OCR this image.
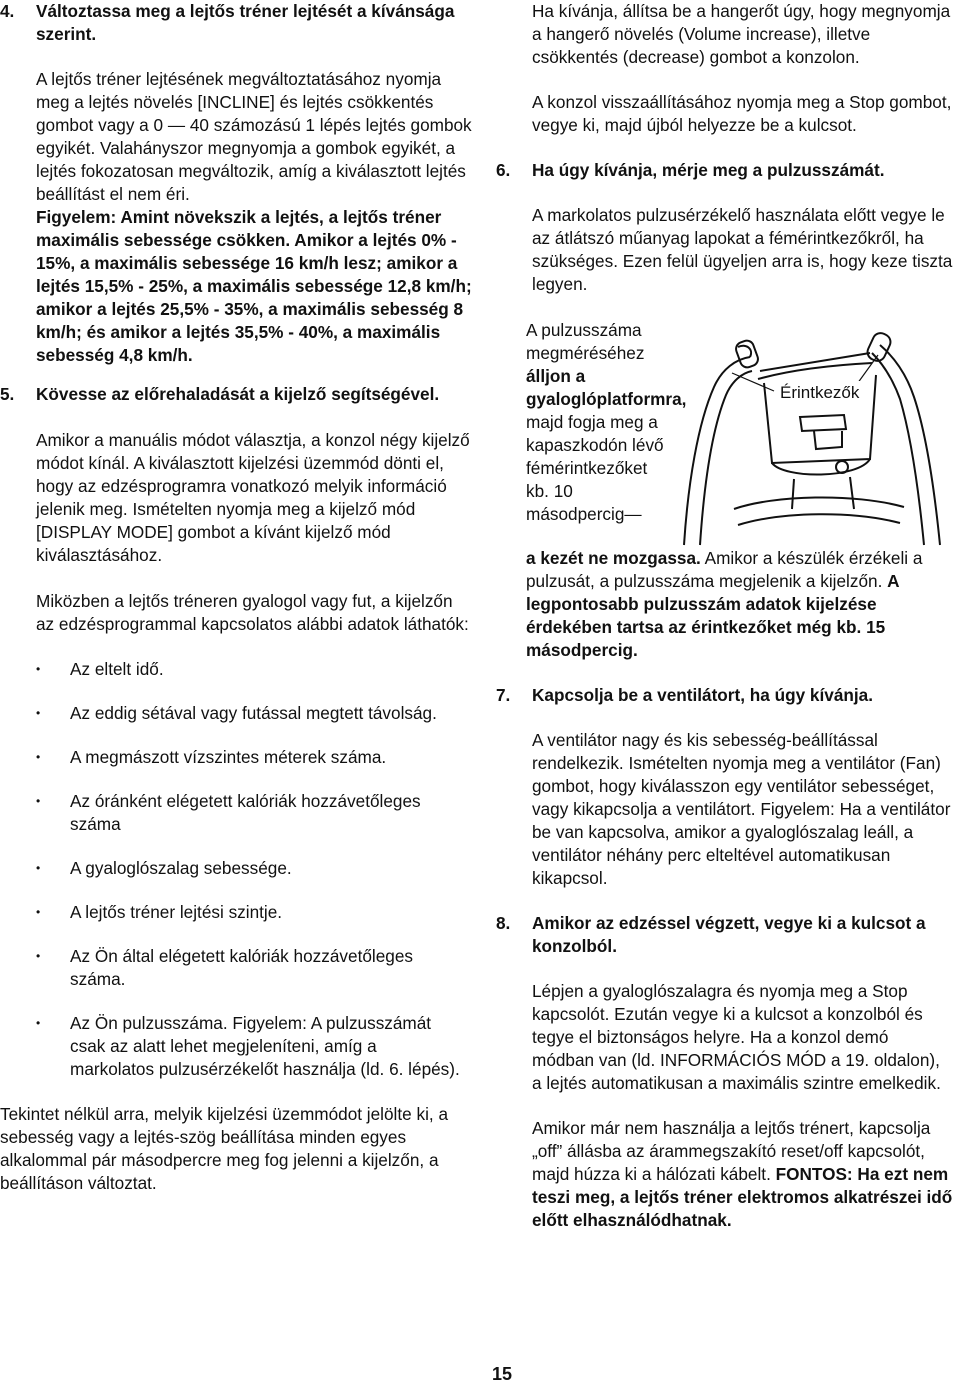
4. Változtassa meg a lejtős tréner lejtését a kívánsága szerint.

A lejtős tréner lejtésének megváltoztatásához nyomja meg a lejtés növelés [INCLINE] és lejtés csökkentés gombot vagy a 0 — 40 számozású 1 lépés lejtés gombok egyikét. Valahányszor megnyomja a gombok egyikét, a lejtés fokozatosan megváltozik, amíg a kiválasztott lejtés beállítást el nem éri.

Figyelem: Amint növekszik a lejtés, a lejtős tréner maximális sebessége csökken. Amikor a lejtés 0% - 15%, a maximális sebessége 16 km/h lesz; amikor a lejtés 15,5% - 25%, a maximális sebessége 12,8 km/h; amikor a lejtés 25,5% - 35%, a maximális sebesség 8 km/h; és amikor a lejtés 35,5% - 40%, a maximális sebesség 4,8 km/h.

5. Kövesse az előrehaladását a kijelző segítségével.

Amikor a manuális módot választja, a konzol négy kijelző módot kínál. A kiválasztott kijelzési üzemmód dönti el, hogy az edzésprogramra vonatkozó melyik információ jelenik meg. Ismételten nyomja meg a kijelző mód [DISPLAY MODE] gombot a kívánt kijelző mód kiválasztásához.

Miközben a lejtős tréneren gyalogol vagy fut, a kijelzőn az edzésprogrammal kapcsolatos alábbi adatok láthatók:

• Az eltelt idő.
• Az eddig sétával vagy futással megtett távolság.
• A megmászott vízszintes méterek száma.
• Az óránként elégetett kalóriák hozzávetőleges száma
• A gyaloglószalag sebessége.
• A lejtős tréner lejtési szintje.
• Az Ön által elégetett kalóriák hozzávetőleges száma.
• Az Ön pulzusszáma. Figyelem: A pulzusszámát csak az alatt lehet megjeleníteni, amíg a markolatos pulzusérzékelőt használja (ld. 6. lépés).

Tekintet nélkül arra, melyik kijelzési üzemmódot jelölte ki, a sebesség vagy a lejtés-szög beállítása minden egyes alkalommal pár másodpercre meg fog jelenni a kijelzőn, a beállításon változtat.

Ha kívánja, állítsa be a hangerőt úgy, hogy megnyomja a hangerő növelés (Volume increase), illetve csökkentés (decrease) gombot a konzolon.

A konzol visszaállításához nyomja meg a Stop gombot, vegye ki, majd újból helyezze be a kulcsot.

6. Ha úgy kívánja, mérje meg a pulzusszámát.

A markolatos pulzusérzékelő használata előtt vegye le az átlátszó műanyag lapokat a fémérintkezőkről, ha szükséges. Ezen felül ügyeljen arra is, hogy keze tiszta legyen.

A pulzusszáma megméréséhez álljon a gyaloglóplatformra, majd fogja meg a kapaszkodón lévő fémérintkezőket kb. 10 másodpercig—

Érintkezők

a kezét ne mozgassa. Amikor a készülék érzékeli a pulzusát, a pulzusszáma megjelenik a kijelzőn. A legpontosabb pulzusszám adatok kijelzése érdekében tartsa az érintkezőket még kb. 15 másodpercig.

7. Kapcsolja be a ventilátort, ha úgy kívánja.

A ventilátor nagy és kis sebesség-beállítással rendelkezik. Ismételten nyomja meg a ventilátor (Fan) gombot, hogy kiválasszon egy ventilátor sebességet, vagy kikapcsolja a ventilátort. Figyelem: Ha a ventilátor be van kapcsolva, amikor a gyaloglószalag leáll, a ventilátor néhány perc elteltével automatikusan kikapcsol.

8. Amikor az edzéssel végzett, vegye ki a kulcsot a konzolból.

Lépjen a gyaloglószalagra és nyomja meg a Stop kapcsolót. Ezután vegye ki a kulcsot a konzolból és tegye el biztonságos helyre. Ha a konzol demó módban van (ld. INFORMÁCIÓS MÓD a 19. oldalon), a lejtés automatikusan a maximális szintre emelkedik.

Amikor már nem használja a lejtős trénert, kapcsolja „off” állásba az árammegszakító reset/off kapcsolót, majd húzza ki a hálózati kábelt. FONTOS: Ha ezt nem teszi meg, a lejtős tréner elektromos alkatrészei idő előtt elhasználódhatnak.

15
